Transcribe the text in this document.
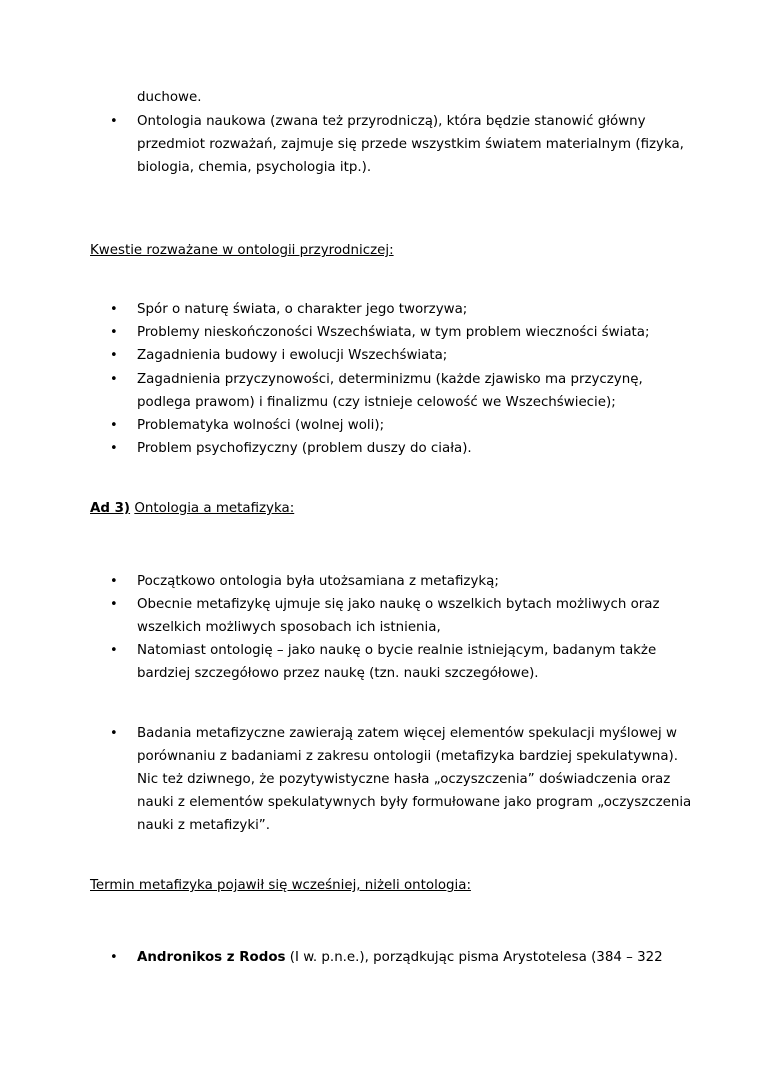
duchowe.
• Ontologia naukowa (zwana też przyrodniczą), która będzie stanowić główny
przedmiot rozważań, zajmuje się przede wszystkim światem materialnym (fizyka,
biologia, chemia, psychologia itp.).
Kwestie rozważane w ontologii przyrodniczej:
• Spór o naturę świata, o charakter jego tworzywa;
• Problemy nieskończoności Wszechświata, w tym problem wieczności świata;
• Zagadnienia budowy i ewolucji Wszechświata;
• Zagadnienia przyczynowości, determinizmu (każde zjawisko ma przyczynę,
podlega prawom) i finalizmu (czy istnieje celowość we Wszechświecie);
• Problematyka wolności (wolnej woli);
• Problem psychofizyczny (problem duszy do ciała).
Ad 3) Ontologia a metafizyka:
• Początkowo ontologia była utożsamiana z metafizyką;
• Obecnie metafizykę ujmuje się jako naukę o wszelkich bytach możliwych oraz
wszelkich możliwych sposobach ich istnienia,
• Natomiast ontologię – jako naukę o bycie realnie istniejącym, badanym także
bardziej szczegółowo przez naukę (tzn. nauki szczegółowe).
• Badania metafizyczne zawierają zatem więcej elementów spekulacji myślowej w
porównaniu z badaniami z zakresu ontologii (metafizyka bardziej spekulatywna).
Nic też dziwnego, że pozytywistyczne hasła „oczyszczenia” doświadczenia oraz
nauki z elementów spekulatywnych były formułowane jako program „oczyszczenia
nauki z metafizyki”.
Termin metafizyka pojawił się wcześniej, niżeli ontologia:
• Andronikos z Rodos (I w. p.n.e.), porządkując pisma Arystotelesa (384 – 322
